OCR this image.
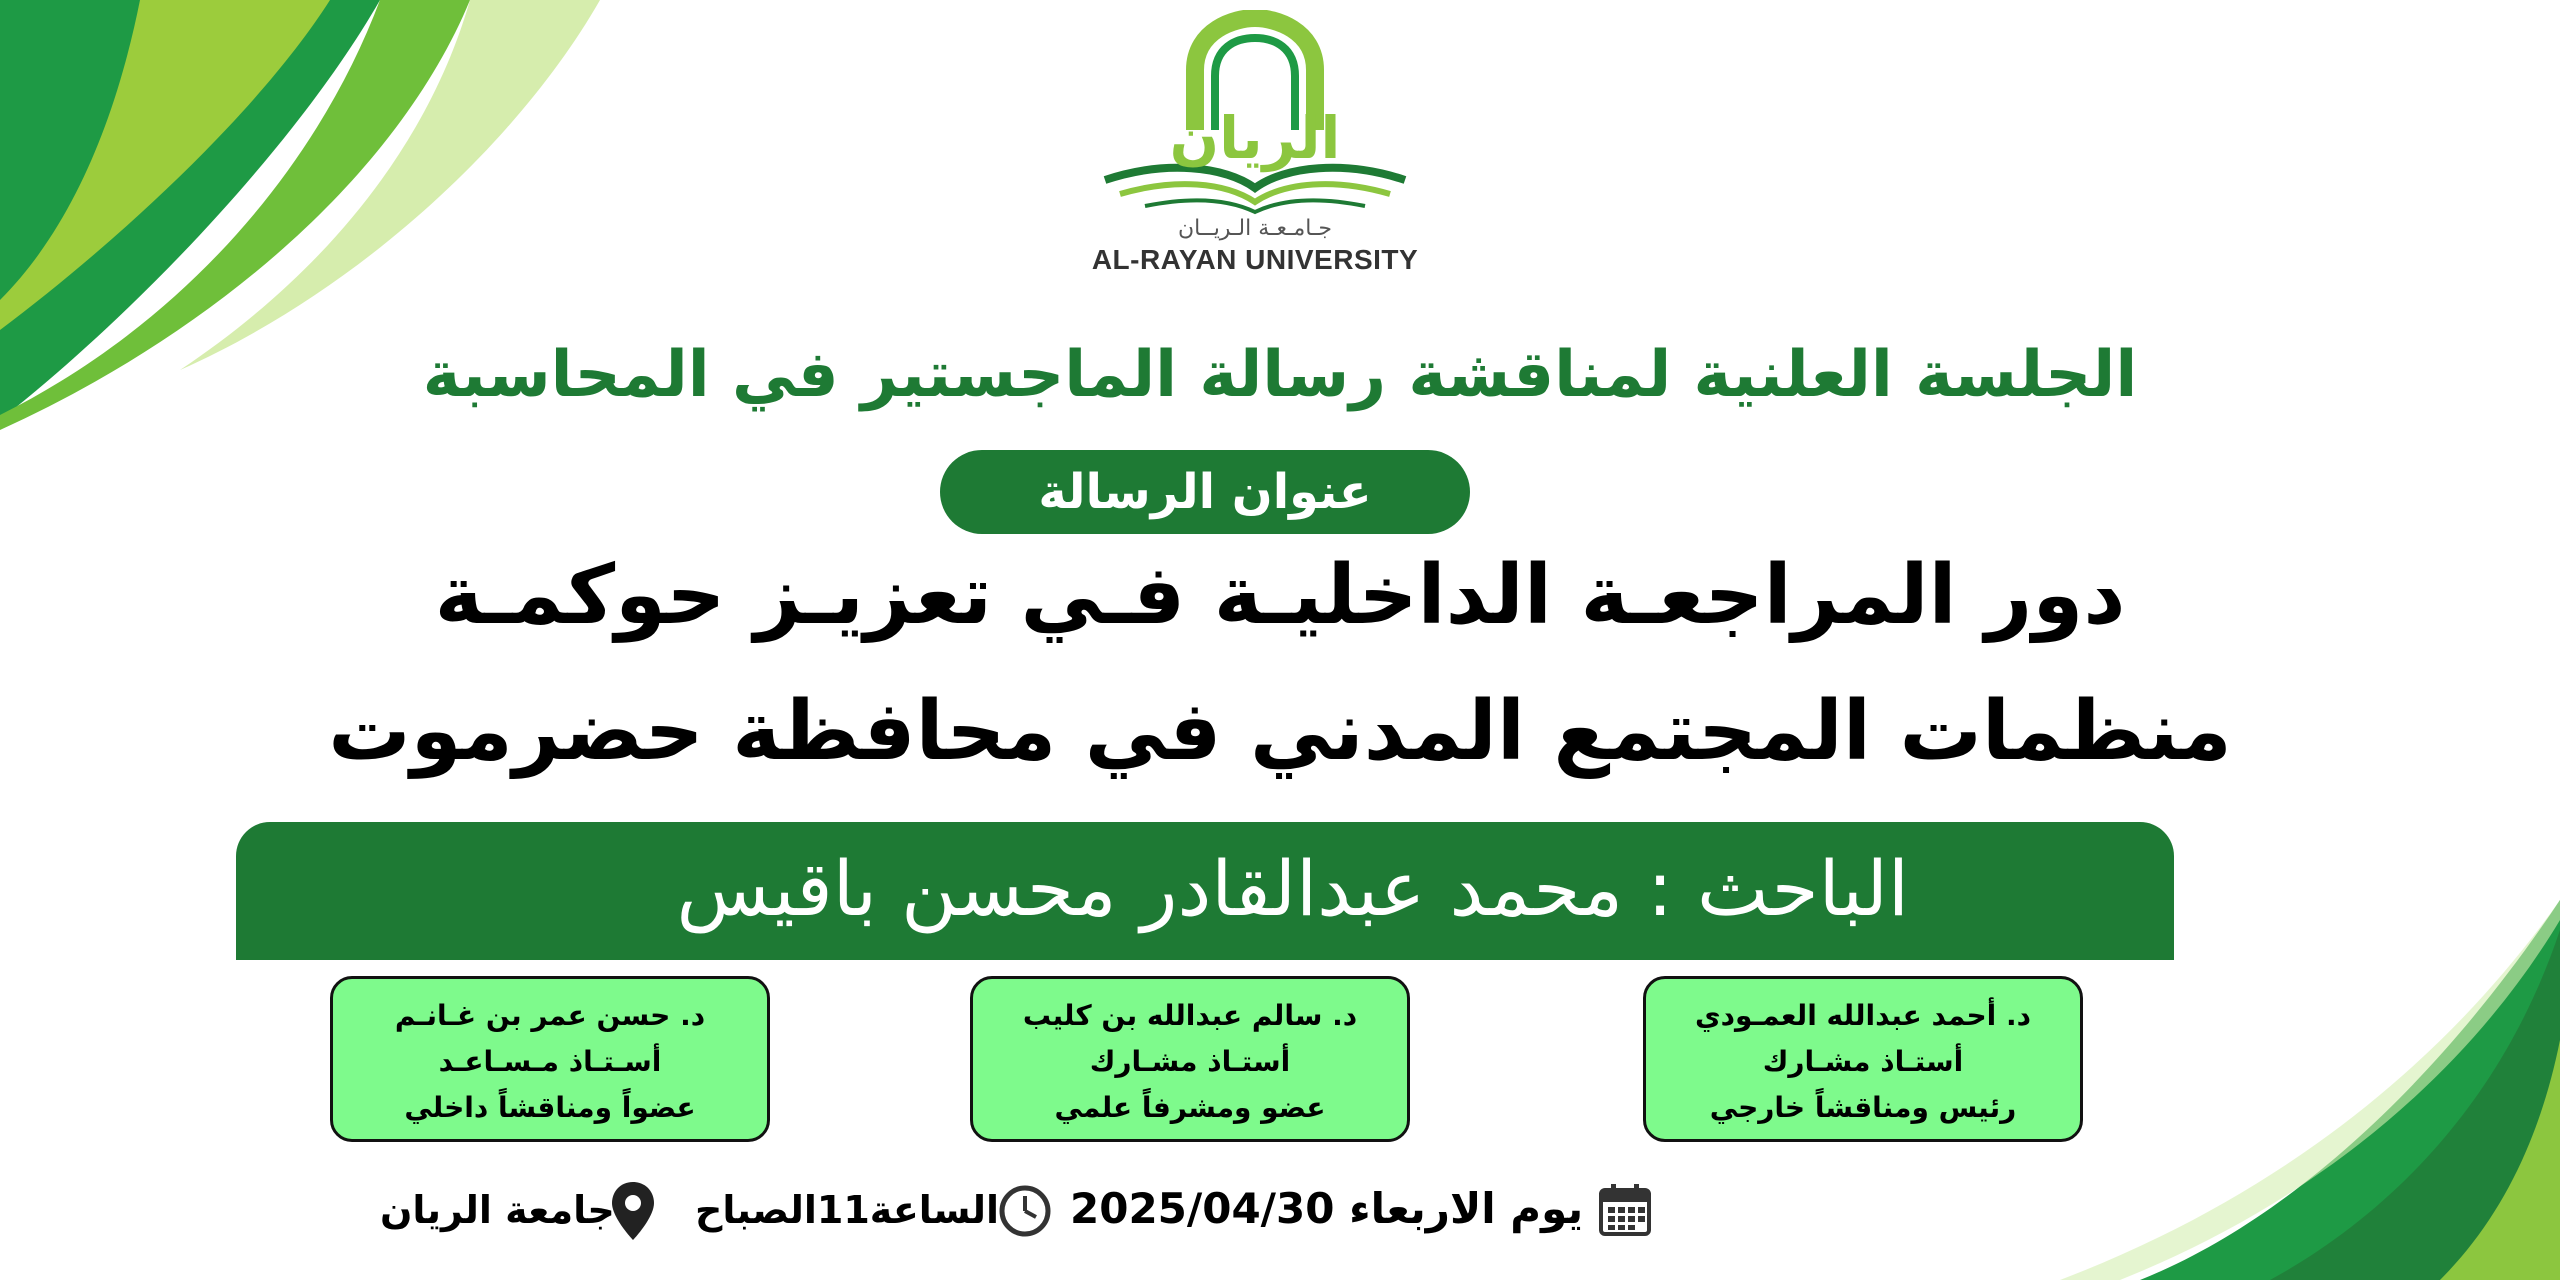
الريان
جـامـعـة الـريــان
AL-RAYAN UNIVERSITY
الجلسة العلنية لمناقشة رسالة الماجستير في المحاسبة
عنوان الرسالة
دور المراجعـة الداخليـة فـي تعزيـز حوكمـة
منظمات المجتمع المدني في محافظة حضرموت
الباحث : محمد عبدالقادر محسن باقيس
د. أحمد عبدالله العمـودي
أستـاذ مشـارك
رئيس ومناقشاً خارجي
د. سالم عبدالله بن كليب
أستـاذ مشـارك
عضو ومشرفاً علمي
د. حسن عمر بن غـانـم
أسـتـاذ مـسـاعـد
عضواً ومناقشاً داخلي
يوم الاربعاء 2025/04/30
الساعة11الصباح
جامعة الريان
